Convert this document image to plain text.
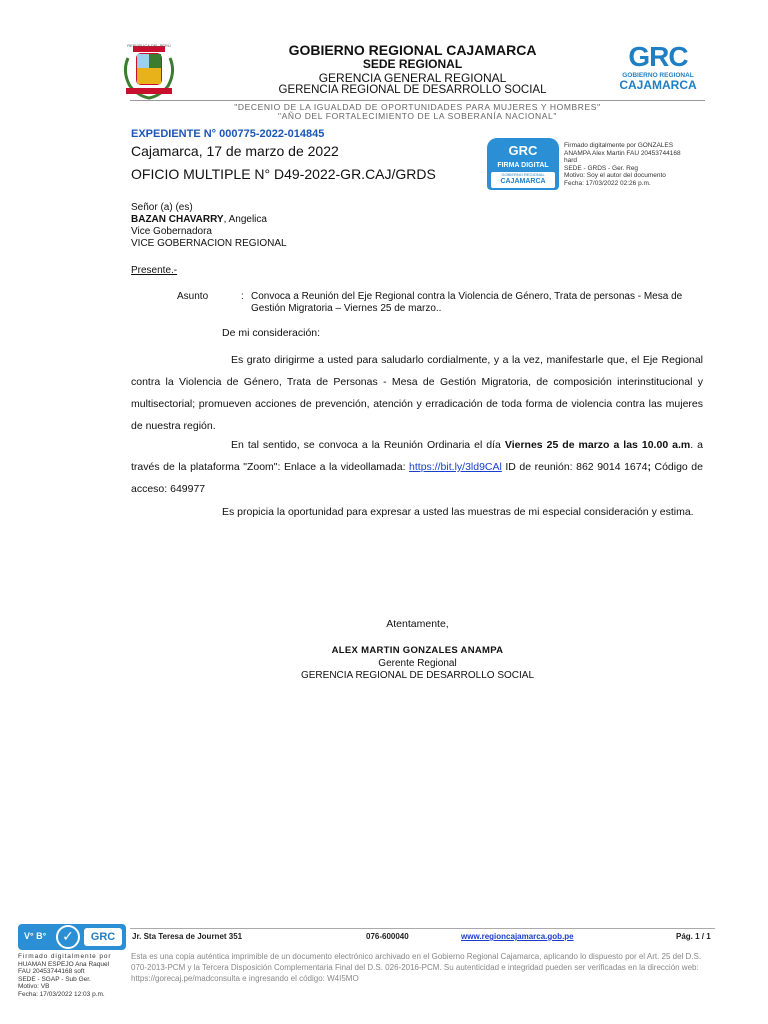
REPÚBLICA DEL PERÚ	GOBIERNO REGIONAL CAJAMARCA
SEDE REGIONAL
GERENCIA GENERAL REGIONAL
GERENCIA REGIONAL DE DESARROLLO SOCIAL
GRC
GOBIERNO REGIONAL
CAJAMARCA
"DECENIO DE LA IGUALDAD DE OPORTUNIDADES PARA MUJERES Y HOMBRES"
"AÑO DEL FORTALECIMIENTO DE LA SOBERANÍA NACIONAL"
EXPEDIENTE N° 000775-2022-014845
Cajamarca, 17 de marzo de 2022
OFICIO MULTIPLE N° D49-2022-GR.CAJ/GRDS
GRC
FIRMA DIGITAL
GOBIERNO REGIONAL
CAJAMARCA
Firmado digitalmente por GONZALES
ANAMPA Alex Martin FAU 20453744168
hard
SEDE - GRDS - Ger. Reg
Motivo: Soy el autor del documento
Fecha: 17/03/2022 02:26 p.m.
Señor (a) (es)
BAZAN CHAVARRY, Angelica
Vice Gobernadora
VICE GOBERNACION REGIONAL
Presente.-
Asunto	: Convoca a Reunión del Eje Regional contra la Violencia de Género, Trata de personas - Mesa de Gestión Migratoria – Viernes 25 de marzo..
De mi consideración:
Es grato dirigirme a usted para saludarlo cordialmente, y a la vez, manifestarle que, el Eje Regional contra la Violencia de Género, Trata de Personas - Mesa de Gestión Migratoria, de composición interinstitucional y multisectorial; promueven acciones de prevención, atención y erradicación de toda forma de violencia contra las mujeres de nuestra región.
En tal sentido, se convoca a la Reunión Ordinaria el día Viernes 25 de marzo a las 10.00 a.m. a través de la plataforma "Zoom": Enlace a la videollamada: https://bit.ly/3ld9CAl ID de reunión: 862 9014 1674; Código de acceso: 649977
Es propicia la oportunidad para expresar a usted las muestras de mi especial consideración y estima.
Atentamente,
ALEX MARTIN GONZALES ANAMPA
Gerente Regional
GERENCIA REGIONAL DE DESARROLLO SOCIAL
V° B°	✓	GRC
Firmado digitalmente por
HUAMAN ESPEJO Ana Raquel
FAU 20453744168 soft
SEDE - SGAP - Sub Ger.
Motivo: VB
Fecha: 17/03/2022 12:03 p.m.
Jr. Sta Teresa de Journet 351	076-600040	www.regioncajamarca.gob.pe	Pág. 1 / 1
Esta es una copia auténtica imprimible de un documento electrónico archivado en el Gobierno Regional Cajamarca, aplicando lo dispuesto por el Art. 25 del D.S. 070-2013-PCM y la Tercera Disposición Complementaria Final del D.S. 026-2016-PCM. Su autenticidad e integridad pueden ser verificadas en la dirección web: https://gorecaj.pe/madconsulta e ingresando el código: W4I5MO
